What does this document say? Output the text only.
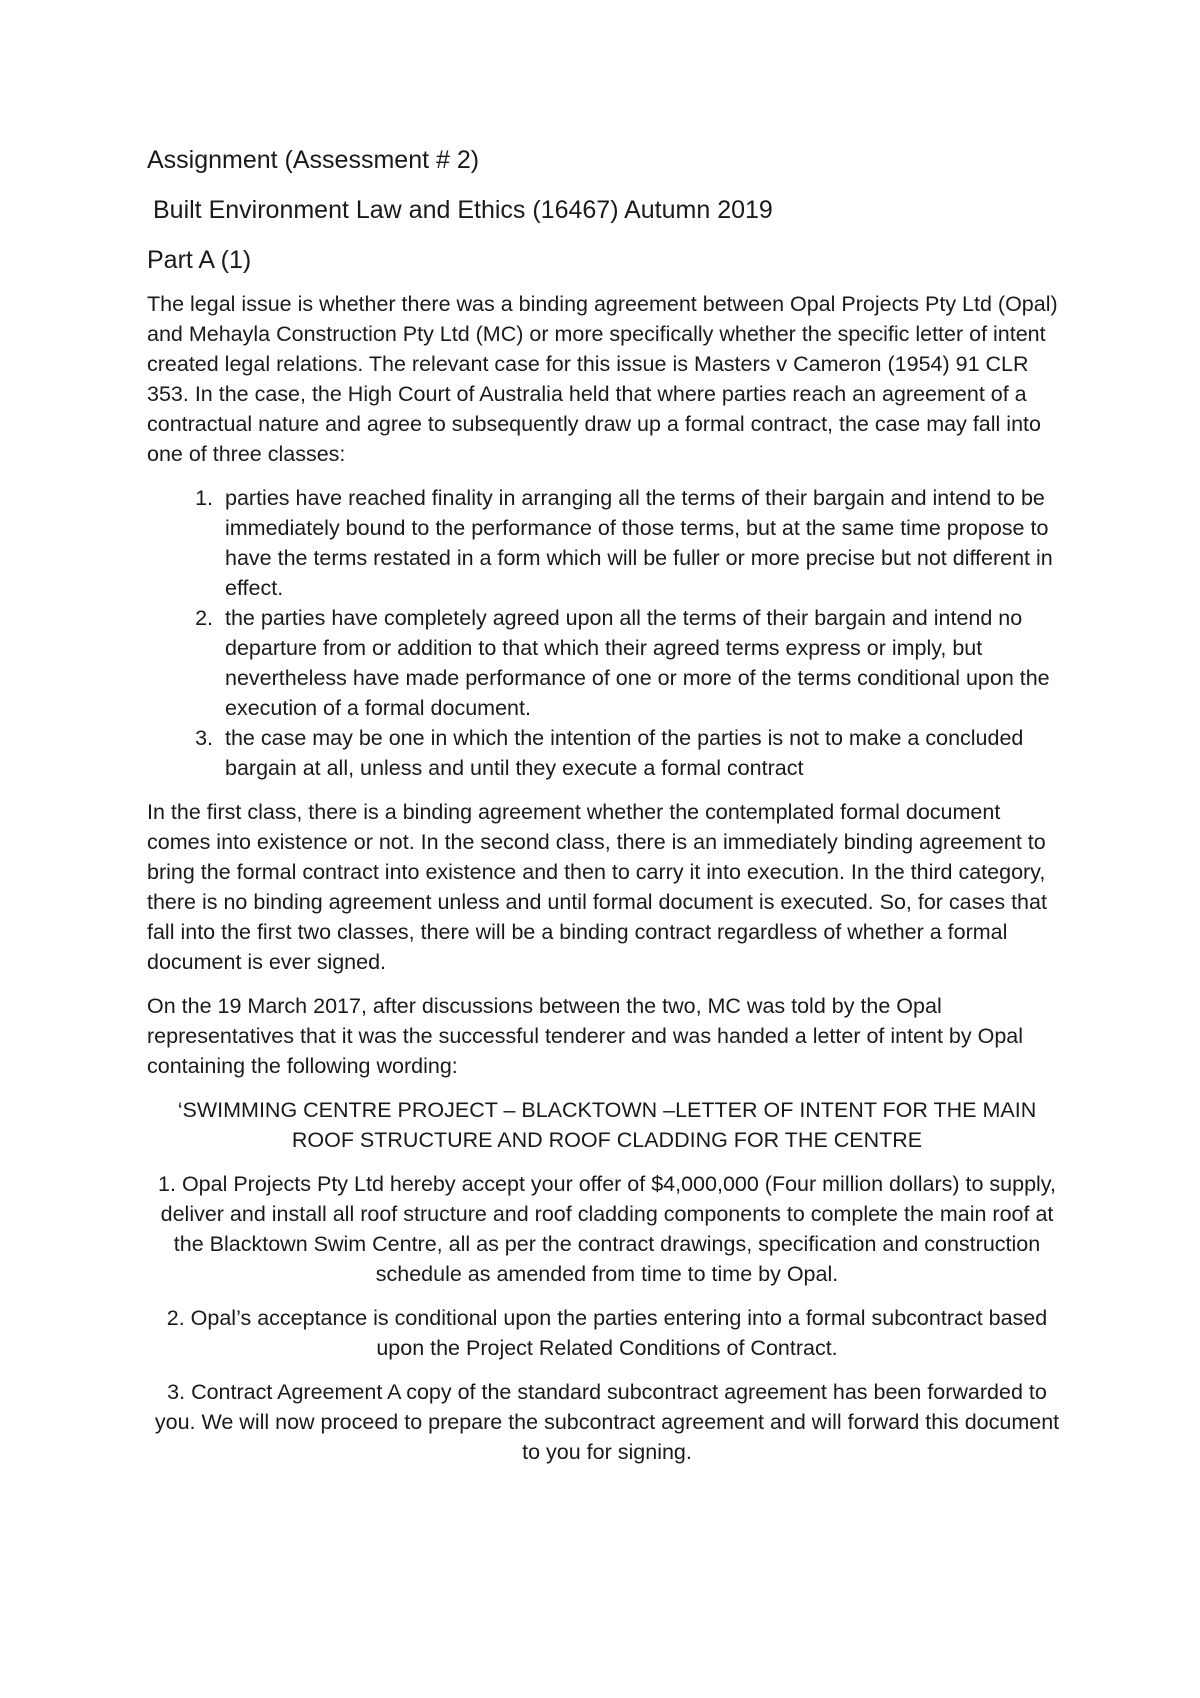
Assignment (Assessment # 2)
Built Environment Law and Ethics (16467) Autumn 2019
Part A (1)

The legal issue is whether there was a binding agreement between Opal Projects Pty Ltd (Opal) and Mehayla Construction Pty Ltd (MC) or more specifically whether the specific letter of intent created legal relations. The relevant case for this issue is Masters v Cameron (1954) 91 CLR 353. In the case, the High Court of Australia held that where parties reach an agreement of a contractual nature and agree to subsequently draw up a formal contract, the case may fall into one of three classes:

1. parties have reached finality in arranging all the terms of their bargain and intend to be immediately bound to the performance of those terms, but at the same time propose to have the terms restated in a form which will be fuller or more precise but not different in effect.
2. the parties have completely agreed upon all the terms of their bargain and intend no departure from or addition to that which their agreed terms express or imply, but nevertheless have made performance of one or more of the terms conditional upon the execution of a formal document.
3. the case may be one in which the intention of the parties is not to make a concluded bargain at all, unless and until they execute a formal contract

In the first class, there is a binding agreement whether the contemplated formal document comes into existence or not. In the second class, there is an immediately binding agreement to bring the formal contract into existence and then to carry it into execution. In the third category, there is no binding agreement unless and until formal document is executed. So, for cases that fall into the first two classes, there will be a binding contract regardless of whether a formal document is ever signed.

On the 19 March 2017, after discussions between the two, MC was told by the Opal representatives that it was the successful tenderer and was handed a letter of intent by Opal containing the following wording:

‘SWIMMING CENTRE PROJECT – BLACKTOWN –LETTER OF INTENT FOR THE MAIN ROOF STRUCTURE AND ROOF CLADDING FOR THE CENTRE

1. Opal Projects Pty Ltd hereby accept your offer of $4,000,000 (Four million dollars) to supply, deliver and install all roof structure and roof cladding components to complete the main roof at the Blacktown Swim Centre, all as per the contract drawings, specification and construction schedule as amended from time to time by Opal.

2. Opal’s acceptance is conditional upon the parties entering into a formal subcontract based upon the Project Related Conditions of Contract.

3. Contract Agreement A copy of the standard subcontract agreement has been forwarded to you. We will now proceed to prepare the subcontract agreement and will forward this document to you for signing.
